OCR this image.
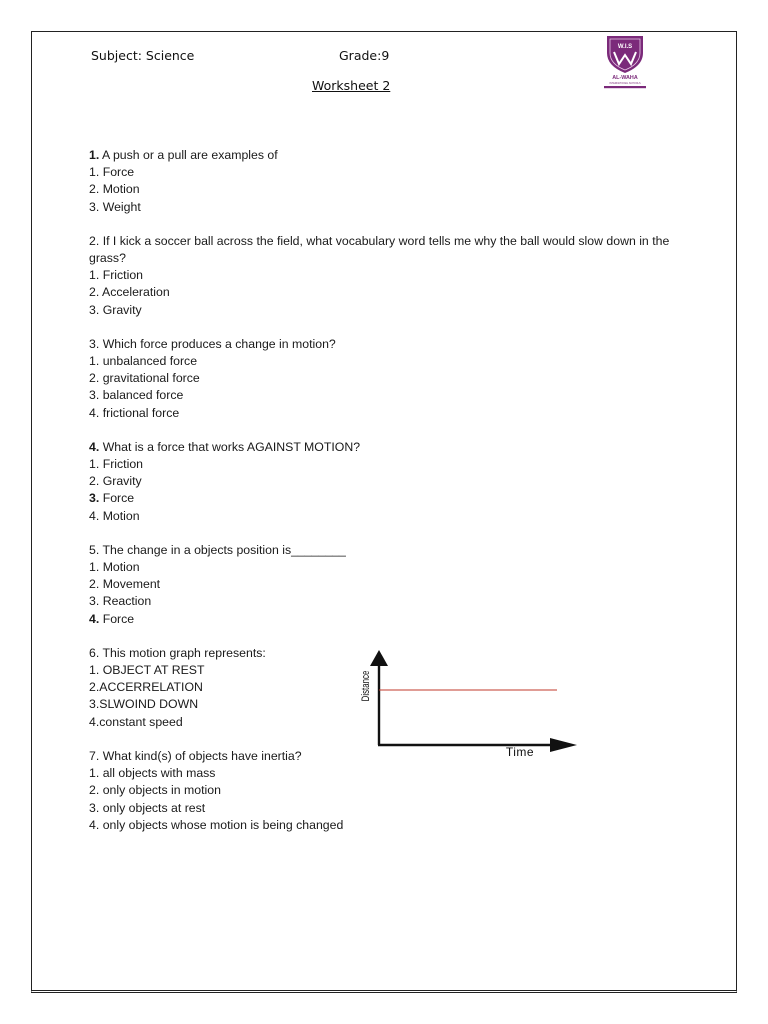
Subject: Science	Grade:9
Worksheet 2
W.I.S
AL-WAHA
INTERNATIONAL SCHOOLS
1. A push or a pull are examples of
1. Force
2. Motion
3. Weight
2. If I kick a soccer ball across the field, what vocabulary word tells me why the ball would slow down in the grass?
1. Friction
2. Acceleration
3. Gravity
3. Which force produces a change in motion?
1. unbalanced force
2. gravitational force
3. balanced force
4. frictional force
4. What is a force that works AGAINST MOTION?
1. Friction
2. Gravity
3. Force
4. Motion
5. The change in a objects position is________
1. Motion
2. Movement
3. Reaction
4. Force
6. This motion graph represents:
1. OBJECT AT REST
2.ACCERRELATION
3.SLWOIND DOWN
4.constant speed
7. What kind(s) of objects have inertia?
1. all objects with mass
2. only objects in motion
3. only objects at rest
4. only objects whose motion is being changed
Distance
Time
